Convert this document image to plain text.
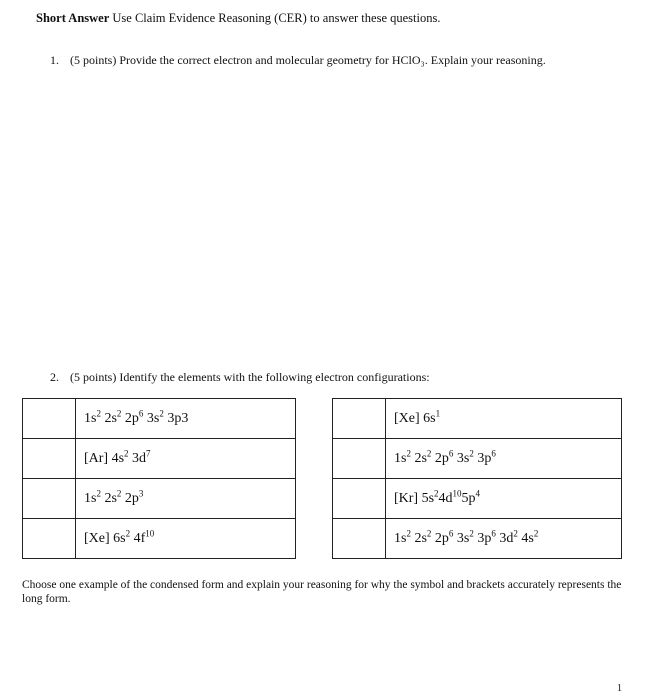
Short Answer Use Claim Evidence Reasoning (CER) to answer these questions.
1. (5 points) Provide the correct electron and molecular geometry for HClO₃. Explain your reasoning.
2. (5 points) Identify the elements with the following electron configurations:
	$1s^2$ $2s^2$ $2p^6$ $3s^2$ 3p3
	[Ar] $4s^2$ $3d^7$
	$1s^2$ $2s^2$ $2p^3$
	[Xe] $6s^2$ $4f^{10}$
	[Xe] $6s^1$
	$1s^2$ $2s^2$ $2p^6$ $3s^2$ $3p^6$
	[Kr] $5s^24d^{10}5p^4$
	$1s^2$ $2s^2$ $2p^6$ $3s^2$ $3p^6$ $3d^2$ $4s^2$
Choose one example of the condensed form and explain your reasoning for why the symbol and brackets accurately represents the long form.
1
